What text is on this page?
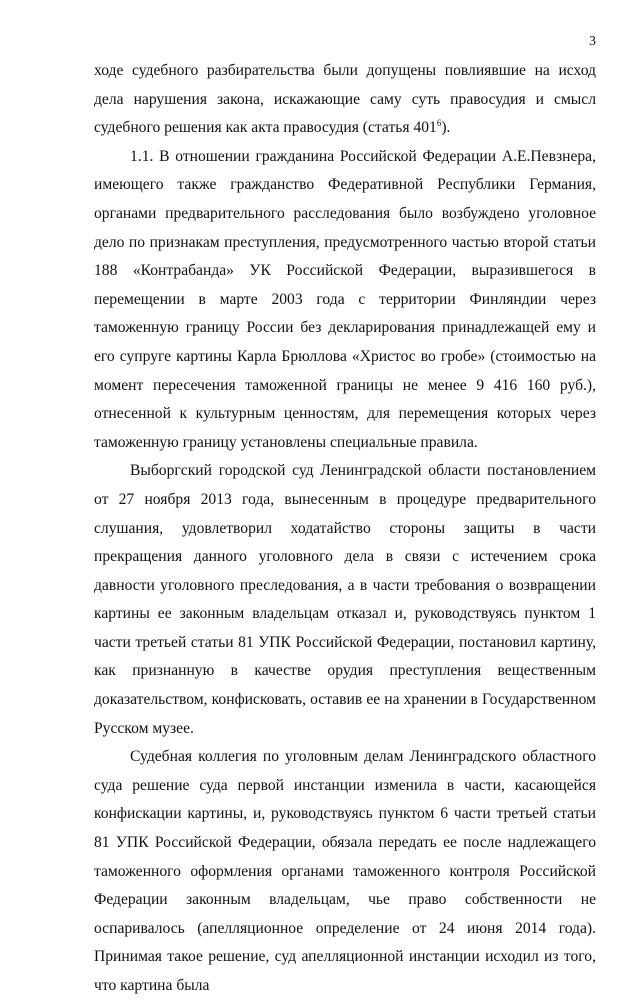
3

ходе судебного разбирательства были допущены повлиявшие на исход дела нарушения закона, искажающие саму суть правосудия и смысл судебного решения как акта правосудия (статья $401^6$).

1.1. В отношении гражданина Российской Федерации А.Е.Певзнера, имеющего также гражданство Федеративной Республики Германия, органами предварительного расследования было возбуждено уголовное дело по признакам преступления, предусмотренного частью второй статьи 188 «Контрабанда» УК Российской Федерации, выразившегося в перемещении в марте 2003 года с территории Финляндии через таможенную границу России без декларирования принадлежащей ему и его супруге картины Карла Брюллова «Христос во гробе» (стоимостью на момент пересечения таможенной границы не менее 9 416 160 руб.), отнесенной к культурным ценностям, для перемещения которых через таможенную границу установлены специальные правила.

Выборгский городской суд Ленинградской области постановлением от 27 ноября 2013 года, вынесенным в процедуре предварительного слушания, удовлетворил ходатайство стороны защиты в части прекращения данного уголовного дела в связи с истечением срока давности уголовного преследования, а в части требования о возвращении картины ее законным владельцам отказал и, руководствуясь пунктом 1 части третьей статьи 81 УПК Российской Федерации, постановил картину, как признанную в качестве орудия преступления вещественным доказательством, конфисковать, оставив ее на хранении в Государственном Русском музее.

Судебная коллегия по уголовным делам Ленинградского областного суда решение суда первой инстанции изменила в части, касающейся конфискации картины, и, руководствуясь пунктом 6 части третьей статьи 81 УПК Российской Федерации, обязала передать ее после надлежащего таможенного оформления органами таможенного контроля Российской Федерации законным владельцам, чье право собственности не оспаривалось (апелляционное определение от 24 июня 2014 года). Принимая такое решение, суд апелляционной инстанции исходил из того, что картина была
